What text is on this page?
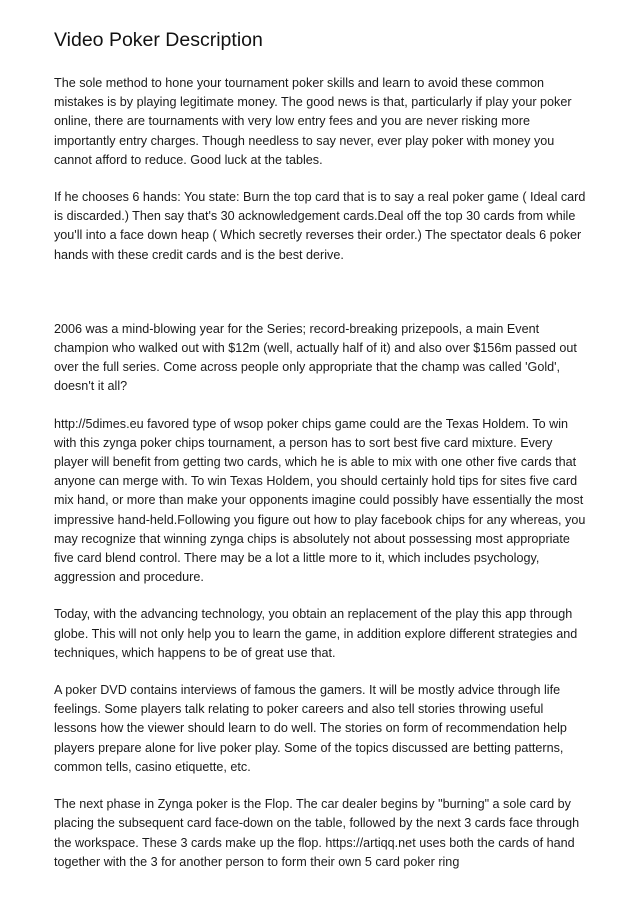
Video Poker Description

The sole method to hone your tournament poker skills and learn to avoid these common mistakes is by playing legitimate money. The good news is that, particularly if play your poker online, there are tournaments with very low entry fees and you are never risking more importantly entry charges. Though needless to say never, ever play poker with money you cannot afford to reduce. Good luck at the tables.

If he chooses 6 hands: You state: Burn the top card that is to say a real poker game ( Ideal card is discarded.) Then say that's 30 acknowledgement cards.Deal off the top 30 cards from while you'll into a face down heap ( Which secretly reverses their order.) The spectator deals 6 poker hands with these credit cards and is the best derive.

2006 was a mind-blowing year for the Series; record-breaking prizepools, a main Event champion who walked out with $12m (well, actually half of it) and also over $156m passed out over the full series. Come across people only appropriate that the champ was called 'Gold', doesn't it all?

http://5dimes.eu favored type of wsop poker chips game could are the Texas Holdem. To win with this zynga poker chips tournament, a person has to sort best five card mixture. Every player will benefit from getting two cards, which he is able to mix with one other five cards that anyone can merge with. To win Texas Holdem, you should certainly hold tips for sites five card mix hand, or more than make your opponents imagine could possibly have essentially the most impressive hand-held.Following you figure out how to play facebook chips for any whereas, you may recognize that winning zynga chips is absolutely not about possessing most appropriate five card blend control. There may be a lot a little more to it, which includes psychology, aggression and procedure.

Today, with the advancing technology, you obtain an replacement of the play this app through globe. This will not only help you to learn the game, in addition explore different strategies and techniques, which happens to be of great use that.

A poker DVD contains interviews of famous the gamers. It will be mostly advice through life feelings. Some players talk relating to poker careers and also tell stories throwing useful lessons how the viewer should learn to do well. The stories on form of recommendation help players prepare alone for live poker play. Some of the topics discussed are betting patterns, common tells, casino etiquette, etc.

The next phase in Zynga poker is the Flop. The car dealer begins by "burning" a sole card by placing the subsequent card face-down on the table, followed by the next 3 cards face through the workspace. These 3 cards make up the flop. https://artiqq.net uses both the cards of hand together with the 3 for another person to form their own 5 card poker ring
